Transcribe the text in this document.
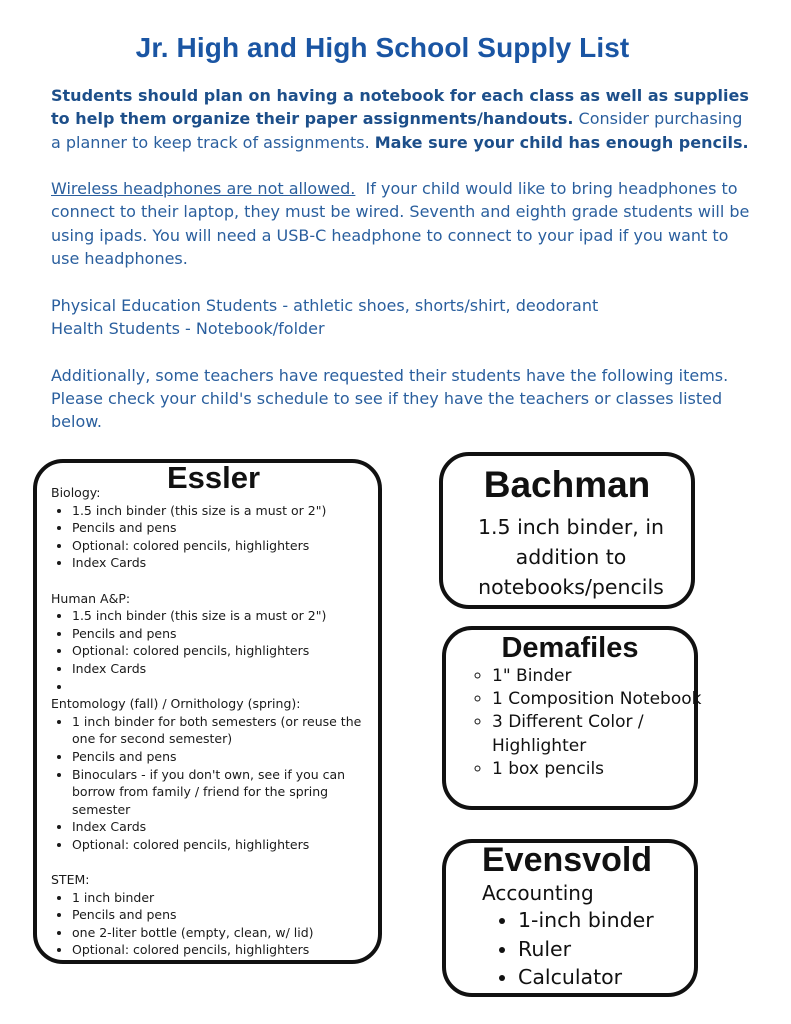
Jr. High and High School Supply List

Students should plan on having a notebook for each class as well as supplies to help them organize their paper assignments/handouts. Consider purchasing a planner to keep track of assignments. Make sure your child has enough pencils.

Wireless headphones are not allowed.  If your child would like to bring headphones to connect to their laptop, they must be wired. Seventh and eighth grade students will be using ipads. You will need a USB-C headphone to connect to your ipad if you want to use headphones.

Physical Education Students - athletic shoes, shorts/shirt, deodorant
Health Students - Notebook/folder

Additionally, some teachers have requested their students have the following items. Please check your child's schedule to see if they have the teachers or classes listed below.

Essler

Biology:

• 1.5 inch binder (this size is a must or 2")
• Pencils and pens
• Optional: colored pencils, highlighters
• Index Cards

Human A&P:

• 1.5 inch binder (this size is a must or 2")
• Pencils and pens
• Optional: colored pencils, highlighters
• Index Cards
•

Entomology (fall) / Ornithology (spring):

• 1 inch binder for both semesters (or reuse the one for second semester)
• Pencils and pens
• Binoculars - if you don't own, see if you can borrow from family / friend for the spring semester
• Index Cards
• Optional: colored pencils, highlighters

STEM:

• 1 inch binder
• Pencils and pens
• one 2-liter bottle (empty, clean, w/ lid)
• Optional: colored pencils, highlighters
Bachman
1.5 inch binder, in addition to notebooks/pencils
Demafiles
◦ 1" Binder
◦ 1 Composition Notebook
◦ 3 Different Color / Highlighter
◦ 1 box pencils
Evensvold
Accounting
• 1-inch binder
• Ruler
• Calculator
